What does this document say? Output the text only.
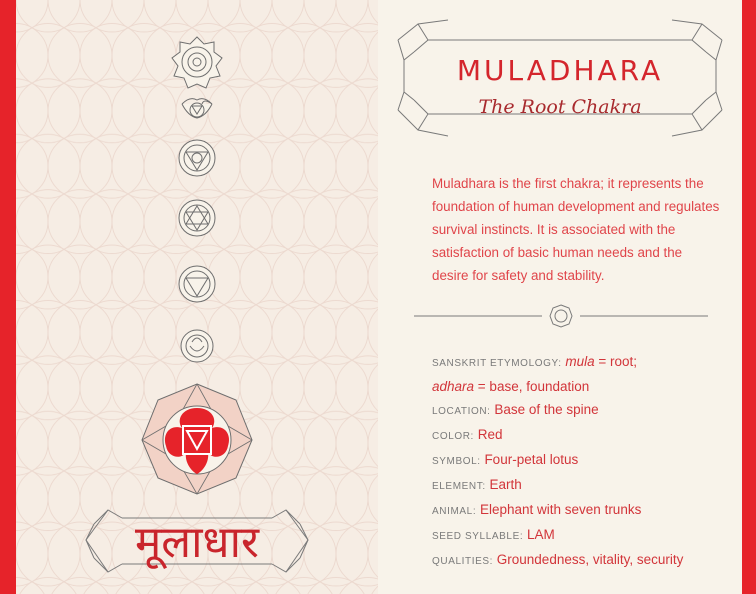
मूलाधार
MULADHARA
The Root Chakra
Muladhara is the first chakra; it represents the foundation of human development and regulates survival instincts. It is associated with the satisfaction of basic human needs and the desire for safety and stability.
SANSKRIT ETYMOLOGY: mula = root;
adhara = base, foundation
LOCATION: Base of the spine
COLOR: Red
SYMBOL: Four-petal lotus
ELEMENT: Earth
ANIMAL: Elephant with seven trunks
SEED SYLLABLE: LAM
QUALITIES: Groundedness, vitality, security
